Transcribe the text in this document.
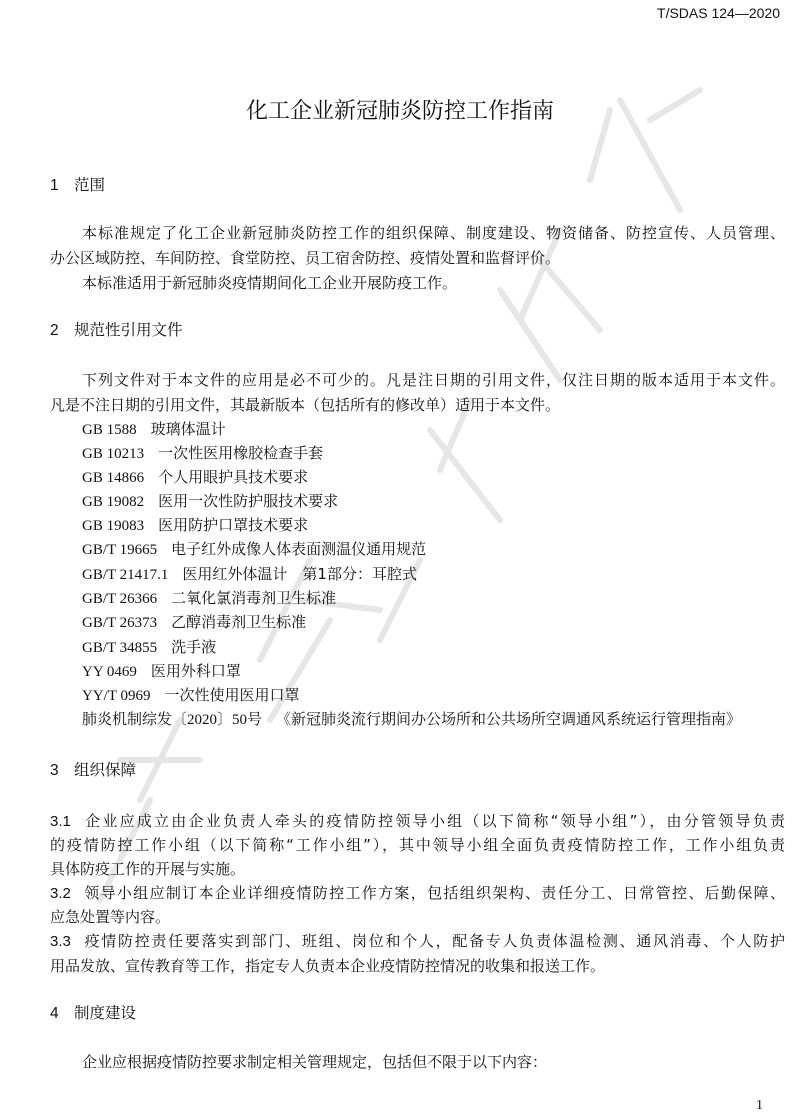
T/SDAS 124—2020
化工企业新冠肺炎防控工作指南
1 范围
本标准规定了化工企业新冠肺炎防控工作的组织保障、制度建设、物资储备、防控宣传、人员管理、
办公区域防控、车间防控、食堂防控、员工宿舍防控、疫情处置和监督评价。
本标准适用于新冠肺炎疫情期间化工企业开展防疫工作。
2 规范性引用文件
下列文件对于本文件的应用是必不可少的。凡是注日期的引用文件，仅注日期的版本适用于本文件。
凡是不注日期的引用文件，其最新版本（包括所有的修改单）适用于本文件。
GB 1588 玻璃体温计
GB 10213 一次性医用橡胶检查手套
GB 14866 个人用眼护具技术要求
GB 19082 医用一次性防护服技术要求
GB 19083 医用防护口罩技术要求
GB/T 19665 电子红外成像人体表面测温仪通用规范
GB/T 21417.1 医用红外体温计　第1部分：耳腔式
GB/T 26366 二氧化氯消毒剂卫生标准
GB/T 26373 乙醇消毒剂卫生标准
GB/T 34855 洗手液
YY 0469 医用外科口罩
YY/T 0969 一次性使用医用口罩
肺炎机制综发〔2020〕50号 《新冠肺炎流行期间办公场所和公共场所空调通风系统运行管理指南》
3 组织保障
3.1 企业应成立由企业负责人牵头的疫情防控领导小组（以下简称“领导小组”），由分管领导负责
的疫情防控工作小组（以下简称“工作小组”），其中领导小组全面负责疫情防控工作，工作小组负责
具体防疫工作的开展与实施。
3.2 领导小组应制订本企业详细疫情防控工作方案，包括组织架构、责任分工、日常管控、后勤保障、
应急处置等内容。
3.3 疫情防控责任要落实到部门、班组、岗位和个人，配备专人负责体温检测、通风消毒、个人防护
用品发放、宣传教育等工作，指定专人负责本企业疫情防控情况的收集和报送工作。
4 制度建设
企业应根据疫情防控要求制定相关管理规定，包括但不限于以下内容：
1
